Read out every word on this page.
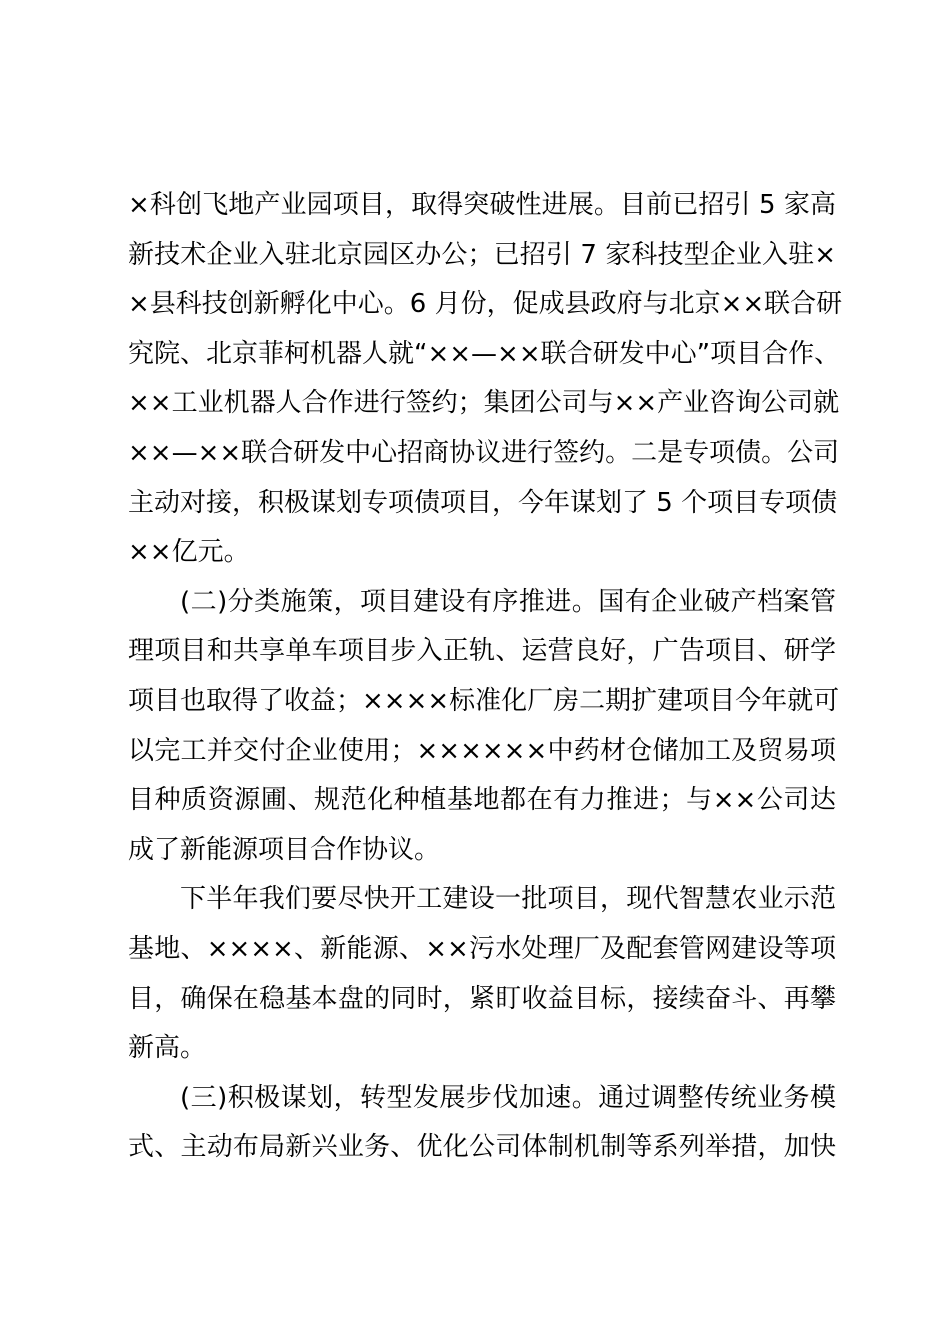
×科创飞地产业园项目，取得突破性进展。目前已招引 5 家高
新技术企业入驻北京园区办公；已招引 7 家科技型企业入驻×
×县科技创新孵化中心。6 月份，促成县政府与北京××联合研
究院、北京菲柯机器人就“××—××联合研发中心”项目合作、
××工业机器人合作进行签约；集团公司与××产业咨询公司就
××—××联合研发中心招商协议进行签约。二是专项债。公司
主动对接，积极谋划专项债项目，今年谋划了 5 个项目专项债
××亿元。
(二)分类施策，项目建设有序推进。国有企业破产档案管
理项目和共享单车项目步入正轨、运营良好，广告项目、研学
项目也取得了收益；××××标准化厂房二期扩建项目今年就可
以完工并交付企业使用；××××××中药材仓储加工及贸易项
目种质资源圃、规范化种植基地都在有力推进；与××公司达
成了新能源项目合作协议。
下半年我们要尽快开工建设一批项目，现代智慧农业示范
基地、××××、新能源、××污水处理厂及配套管网建设等项
目，确保在稳基本盘的同时，紧盯收益目标，接续奋斗、再攀
新高。
(三)积极谋划，转型发展步伐加速。通过调整传统业务模
式、主动布局新兴业务、优化公司体制机制等系列举措，加快
